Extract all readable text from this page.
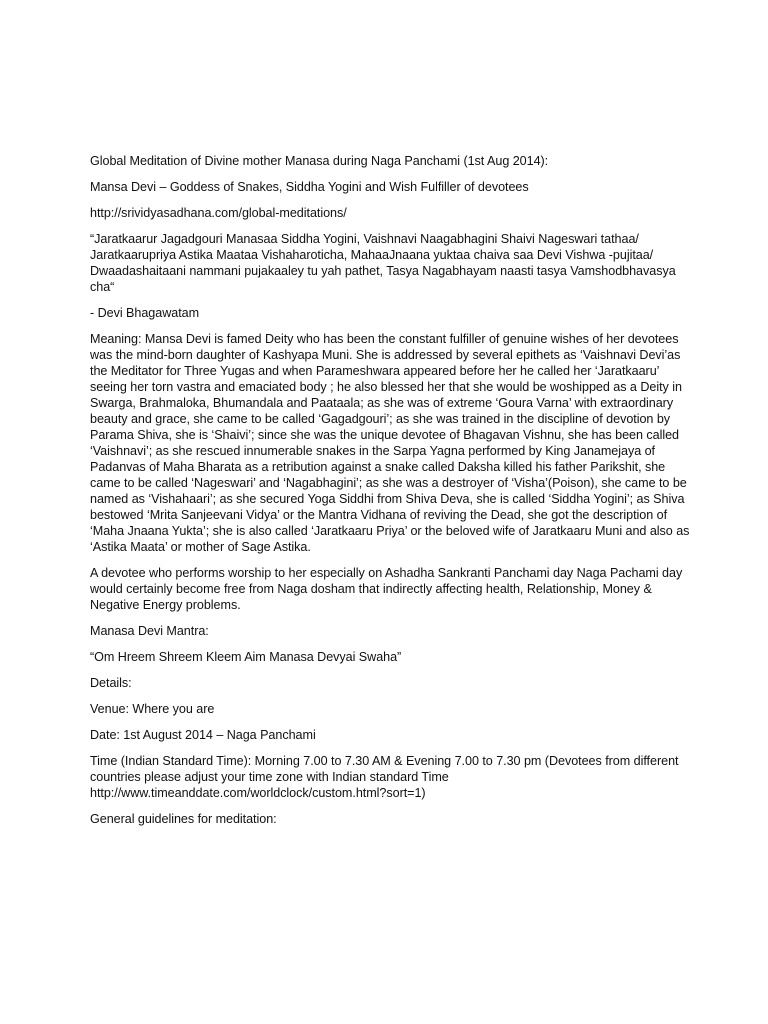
Global Meditation of Divine mother Manasa during Naga Panchami (1st Aug 2014):

Mansa Devi – Goddess of Snakes, Siddha Yogini and Wish Fulfiller of devotees

http://srividyasadhana.com/global-meditations/

“Jaratkaarur Jagadgouri Manasaa Siddha Yogini, Vaishnavi Naagabhagini Shaivi Nageswari tathaa/ Jaratkaarupriya Astika Maataa Vishaharoticha, MahaaJnaana yuktaa chaiva saa Devi Vishwa -pujitaa/ Dwaadashaitaani nammani pujakaaley tu yah pathet, Tasya Nagabhayam naasti tasya Vamshodbhavasya cha“

- Devi Bhagawatam

Meaning: Mansa Devi is famed Deity who has been the constant fulfiller of genuine wishes of her devotees was the mind-born daughter of Kashyapa Muni. She is addressed by several epithets as ‘Vaishnavi Devi’as the Meditator for Three Yugas and when Parameshwara appeared before her he called her ‘Jaratkaaru’ seeing her torn vastra and emaciated body ; he also blessed her that she would be woshipped as a Deity in Swarga, Brahmaloka, Bhumandala and Paataala; as she was of extreme ‘Goura Varna’ with extraordinary beauty and grace, she came to be called ‘Gagadgouri’; as she was trained in the discipline of devotion by Parama Shiva, she is ‘Shaivi’; since she was the unique devotee of Bhagavan Vishnu, she has been called ‘Vaishnavi’; as she rescued innumerable snakes in the Sarpa Yagna performed by King Janamejaya of Padanvas of Maha Bharata as a retribution against a snake called Daksha killed his father Parikshit, she came to be called ‘Nageswari’ and ‘Nagabhagini’; as she was a destroyer of ‘Visha’(Poison), she came to be named as ‘Vishahaari’; as she secured Yoga Siddhi from Shiva Deva, she is called ‘Siddha Yogini’; as Shiva bestowed ‘Mrita Sanjeevani Vidya’ or the Mantra Vidhana of reviving the Dead, she got the description of ‘Maha Jnaana Yukta’; she is also called ‘Jaratkaaru Priya’ or the beloved wife of Jaratkaaru Muni and also as ‘Astika Maata’ or mother of Sage Astika.

A devotee who performs worship to her especially on Ashadha Sankranti Panchami day Naga Pachami day would certainly become free from Naga dosham that indirectly affecting health, Relationship, Money & Negative Energy problems.

Manasa Devi Mantra:

“Om Hreem Shreem Kleem Aim Manasa Devyai Swaha”

Details:

Venue: Where you are

Date: 1st August 2014 – Naga Panchami

Time (Indian Standard Time): Morning 7.00 to 7.30 AM & Evening 7.00 to 7.30 pm (Devotees from different countries please adjust your time zone with Indian standard Time http://www.timeanddate.com/worldclock/custom.html?sort=1)

General guidelines for meditation:
